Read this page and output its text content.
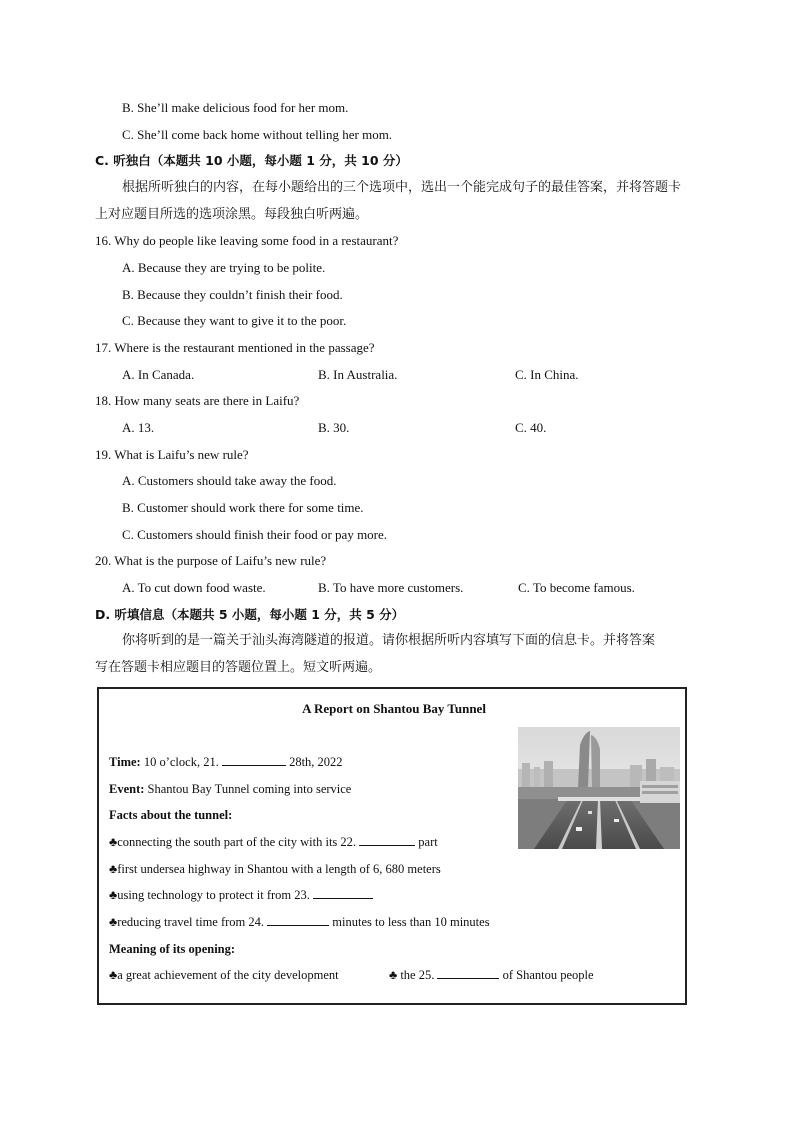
B. She’ll make delicious food for her mom.
C. She’ll come back home without telling her mom.
C. 听独白（本题共 10 小题，每小题 1 分，共 10 分）
根据所听独白的内容，在每小题给出的三个选项中，选出一个能完成句子的最佳答案，并将答题卡
上对应题目所选的选项涂黑。每段独白听两遍。
16. Why do people like leaving some food in a restaurant?
A. Because they are trying to be polite.
B. Because they couldn’t finish their food.
C. Because they want to give it to the poor.
17. Where is the restaurant mentioned in the passage?
A. In Canada.	B. In Australia.	C. In China.
18. How many seats are there in Laifu?
A. 13.	B. 30.	C. 40.
19. What is Laifu’s new rule?
A. Customers should take away the food.
B. Customer should work there for some time.
C. Customers should finish their food or pay more.
20. What is the purpose of Laifu’s new rule?
A. To cut down food waste.	B. To have more customers.	C. To become famous.
D. 听填信息（本题共 5 小题，每小题 1 分，共 5 分）
你将听到的是一篇关于汕头海湾隧道的报道。请你根据所听内容填写下面的信息卡。并将答案
写在答题卡相应题目的答题位置上。短文听两遍。
A Report on Shantou Bay Tunnel
Time: 10 o’clock, 21.	28th, 2022
Event: Shantou Bay Tunnel coming into service
Facts about the tunnel:
♣connecting the south part of the city with its 22.	part
♣first undersea highway in Shantou with a length of 6, 680 meters
♣using technology to protect it from 23.
♣reducing travel time from 24.	minutes to less than 10 minutes
Meaning of its opening:
♣a great achievement of the city development	♣ the 25.	of Shantou people
